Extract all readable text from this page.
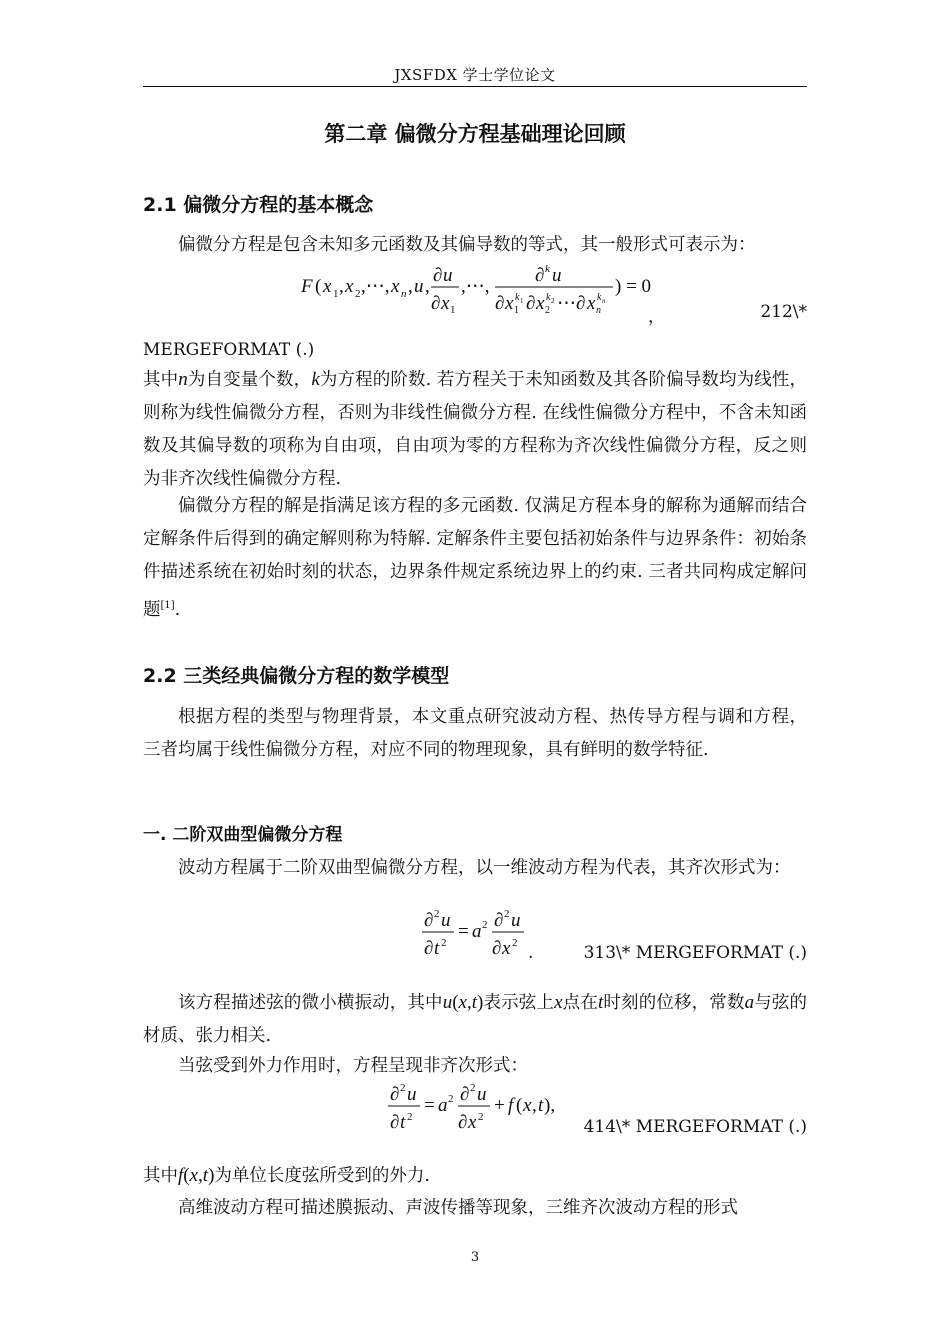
JXSFDX 学士学位论文
第二章 偏微分方程基础理论回顾
2.1 偏微分方程的基本概念
偏微分方程是包含未知多元函数及其偏导数的等式，其一般形式可表示为：
F ( x 1 , x 2 ,⋯, x n , u ,
∂ u
∂ x 1
,⋯,
∂ k u
∂ x 1
k 1 ∂ x 2
k 2 ⋯∂ x n
k n
) = 0
，	212\*
MERGEFORMAT (.)
其中n为自变量个数，k为方程的阶数. 若方程关于未知函数及其各阶偏导数均为线性，则称为线性偏微分方程，否则为非线性偏微分方程. 在线性偏微分方程中，不含未知函数及其偏导数的项称为自由项，自由项为零的方程称为齐次线性偏微分方程，反之则为非齐次线性偏微分方程.
偏微分方程的解是指满足该方程的多元函数. 仅满足方程本身的解称为通解而结合定解条件后得到的确定解则称为特解. 定解条件主要包括初始条件与边界条件：初始条件描述系统在初始时刻的状态，边界条件规定系统边界上的约束. 三者共同构成定解问题[1].
2.2 三类经典偏微分方程的数学模型
根据方程的类型与物理背景，本文重点研究波动方程、热传导方程与调和方程，三者均属于线性偏微分方程，对应不同的物理现象，具有鲜明的数学特征.
一. 二阶双曲型偏微分方程
波动方程属于二阶双曲型偏微分方程，以一维波动方程为代表，其齐次形式为：
∂ 2 u
∂ t 2
= a 2 ∂ 2 u
∂ x 2 .	313\* MERGEFORMAT (.)
该方程描述弦的微小横振动，其中u(x,t)表示弦上x点在t时刻的位移，常数a与弦的材质、张力相关.
当弦受到外力作用时，方程呈现非齐次形式：
∂ 2 u
∂ t 2
= a 2 ∂ 2 u
∂ x 2
+ f ( x , t ),
414\* MERGEFORMAT (.)
其中f(x,t)为单位长度弦所受到的外力.
高维波动方程可描述膜振动、声波传播等现象，三维齐次波动方程的形式
3
